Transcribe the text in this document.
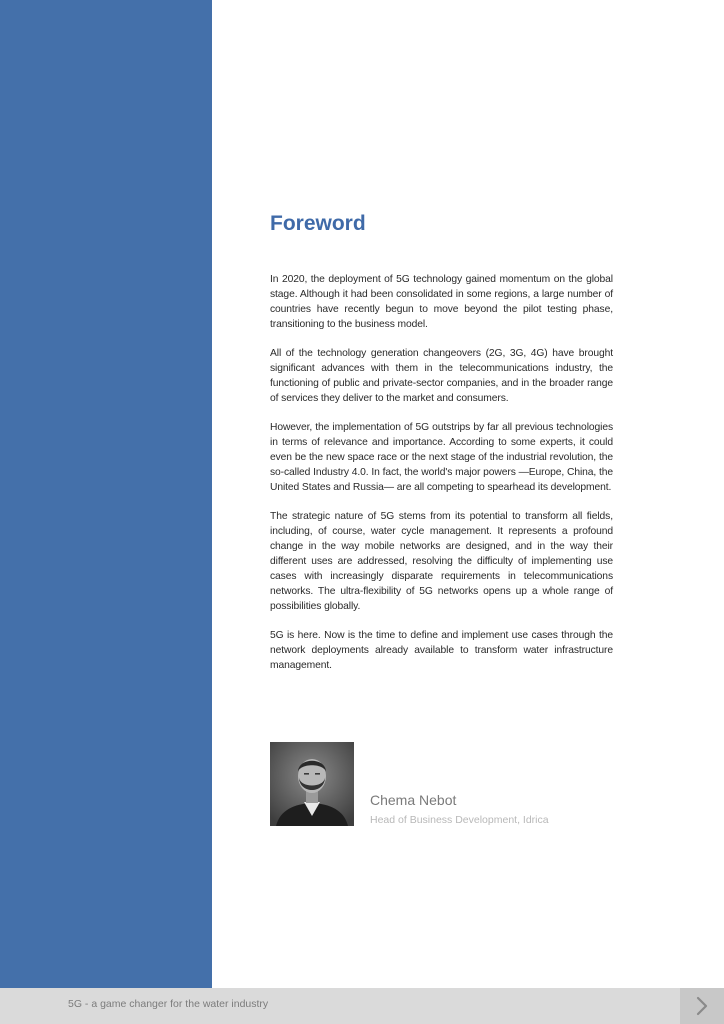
Foreword

In 2020, the deployment of 5G technology gained momentum on the global stage. Although it had been consolidated in some regions, a large number of countries have recently begun to move beyond the pilot testing phase, transitioning to the business model.

All of the technology generation changeovers (2G, 3G, 4G) have brought significant advances with them in the telecommunications industry, the functioning of public and private-sector companies, and in the broader range of services they deliver to the market and consumers.

However, the implementation of 5G outstrips by far all previous technologies in terms of relevance and importance. According to some experts, it could even be the new space race or the next stage of the industrial revolution, the so-called Industry 4.0. In fact, the world's major powers —Europe, China, the United States and Russia— are all competing to spearhead its development.

The strategic nature of 5G stems from its potential to transform all fields, including, of course, water cycle management. It represents a profound change in the way mobile networks are designed, and in the way their different uses are addressed, resolving the difficulty of implementing use cases with increasingly disparate requirements in telecommunications networks. The ultra-flexibility of 5G networks opens up a whole range of possibilities globally.

5G is here. Now is the time to define and implement use cases through the network deployments already available to transform water infrastructure management.

Chema Nebot
Head of Business Development, Idrica
5G - a game changer for the water industry
